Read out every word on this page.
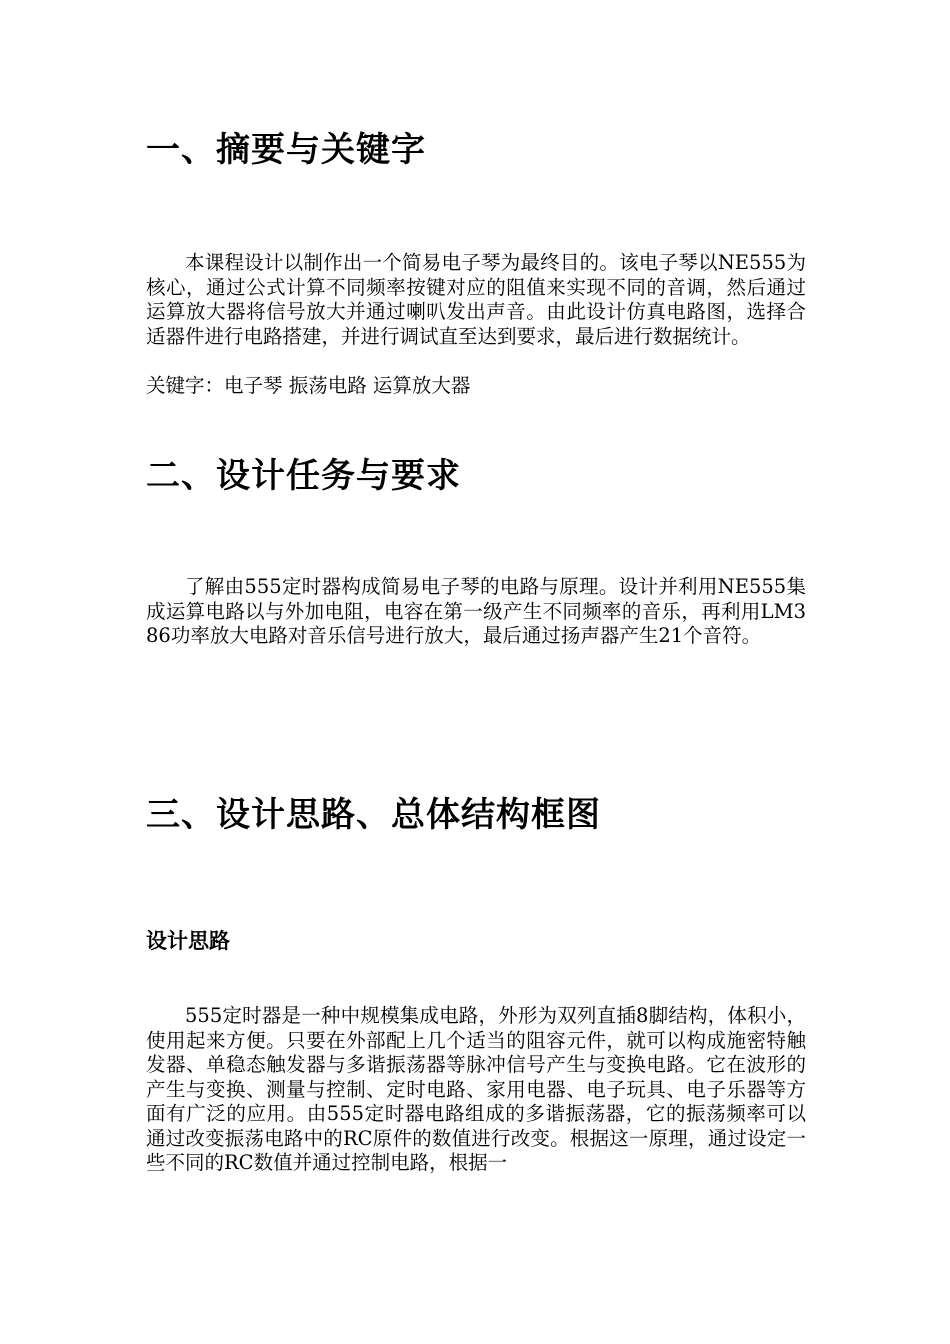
一、摘要与关键字

本课程设计以制作出一个简易电子琴为最终目的。该电子琴以NE555为核心，通过公式计算不同频率按键对应的阻值来实现不同的音调，然后通过运算放大器将信号放大并通过喇叭发出声音。由此设计仿真电路图，选择合适器件进行电路搭建，并进行调试直至达到要求，最后进行数据统计。

关键字：电子琴 振荡电路 运算放大器

二、设计任务与要求

了解由555定时器构成简易电子琴的电路与原理。设计并利用NE555集成运算电路以与外加电阻，电容在第一级产生不同频率的音乐，再利用LM386功率放大电路对音乐信号进行放大，最后通过扬声器产生21个音符。

三、设计思路、总体结构框图
设计思路

555定时器是一种中规模集成电路，外形为双列直插8脚结构，体积小，使用起来方便。只要在外部配上几个适当的阻容元件，就可以构成施密特触发器、单稳态触发器与多谐振荡器等脉冲信号产生与变换电路。它在波形的产生与变换、测量与控制、定时电路、家用电器、电子玩具、电子乐器等方面有广泛的应用。由555定时器电路组成的多谐振荡器，它的振荡频率可以通过改变振荡电路中的RC原件的数值进行改变。根据这一原理，通过设定一些不同的RC数值并通过控制电路，根据一
